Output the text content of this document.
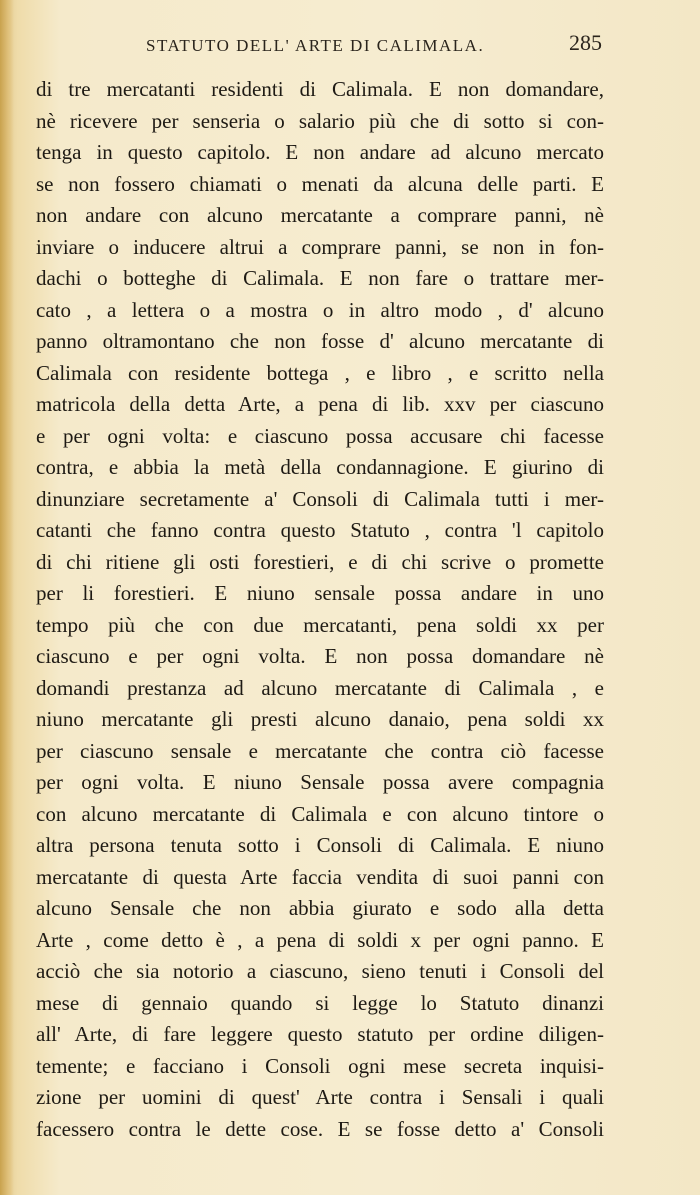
STATUTO DELL' ARTE DI CALIMALA.	285
di tre mercatanti residenti di Calimala. E non domandare,
nè ricevere per senseria o salario più che di sotto si con-
tenga in questo capitolo. E non andare ad alcuno mercato
se non fossero chiamati o menati da alcuna delle parti. E
non andare con alcuno mercatante a comprare panni, nè
inviare o inducere altrui a comprare panni, se non in fon-
dachi o botteghe di Calimala. E non fare o trattare mer-
cato , a lettera o a mostra o in altro modo , d' alcuno
panno oltramontano che non fosse d' alcuno mercatante di
Calimala con residente bottega , e libro , e scritto nella
matricola della detta Arte, a pena di lib. xxv per ciascuno
e per ogni volta: e ciascuno possa accusare chi facesse
contra, e abbia la metà della condannagione. E giurino di
dinunziare secretamente a' Consoli di Calimala tutti i mer-
catanti che fanno contra questo Statuto , contra 'l capitolo
di chi ritiene gli osti forestieri, e di chi scrive o promette
per li forestieri. E niuno sensale possa andare in uno
tempo più che con due mercatanti, pena soldi xx per
ciascuno e per ogni volta. E non possa domandare nè
domandi prestanza ad alcuno mercatante di Calimala , e
niuno mercatante gli presti alcuno danaio, pena soldi xx
per ciascuno sensale e mercatante che contra ciò facesse
per ogni volta. E niuno Sensale possa avere compagnia
con alcuno mercatante di Calimala e con alcuno tintore o
altra persona tenuta sotto i Consoli di Calimala. E niuno
mercatante di questa Arte faccia vendita di suoi panni con
alcuno Sensale che non abbia giurato e sodo alla detta
Arte , come detto è , a pena di soldi x per ogni panno. E
acciò che sia notorio a ciascuno, sieno tenuti i Consoli del
mese di gennaio quando si legge lo Statuto dinanzi
all' Arte, di fare leggere questo statuto per ordine diligen-
temente; e facciano i Consoli ogni mese secreta inquisi-
zione per uomini di quest' Arte contra i Sensali i quali
facessero contra le dette cose. E se fosse detto a' Consoli
